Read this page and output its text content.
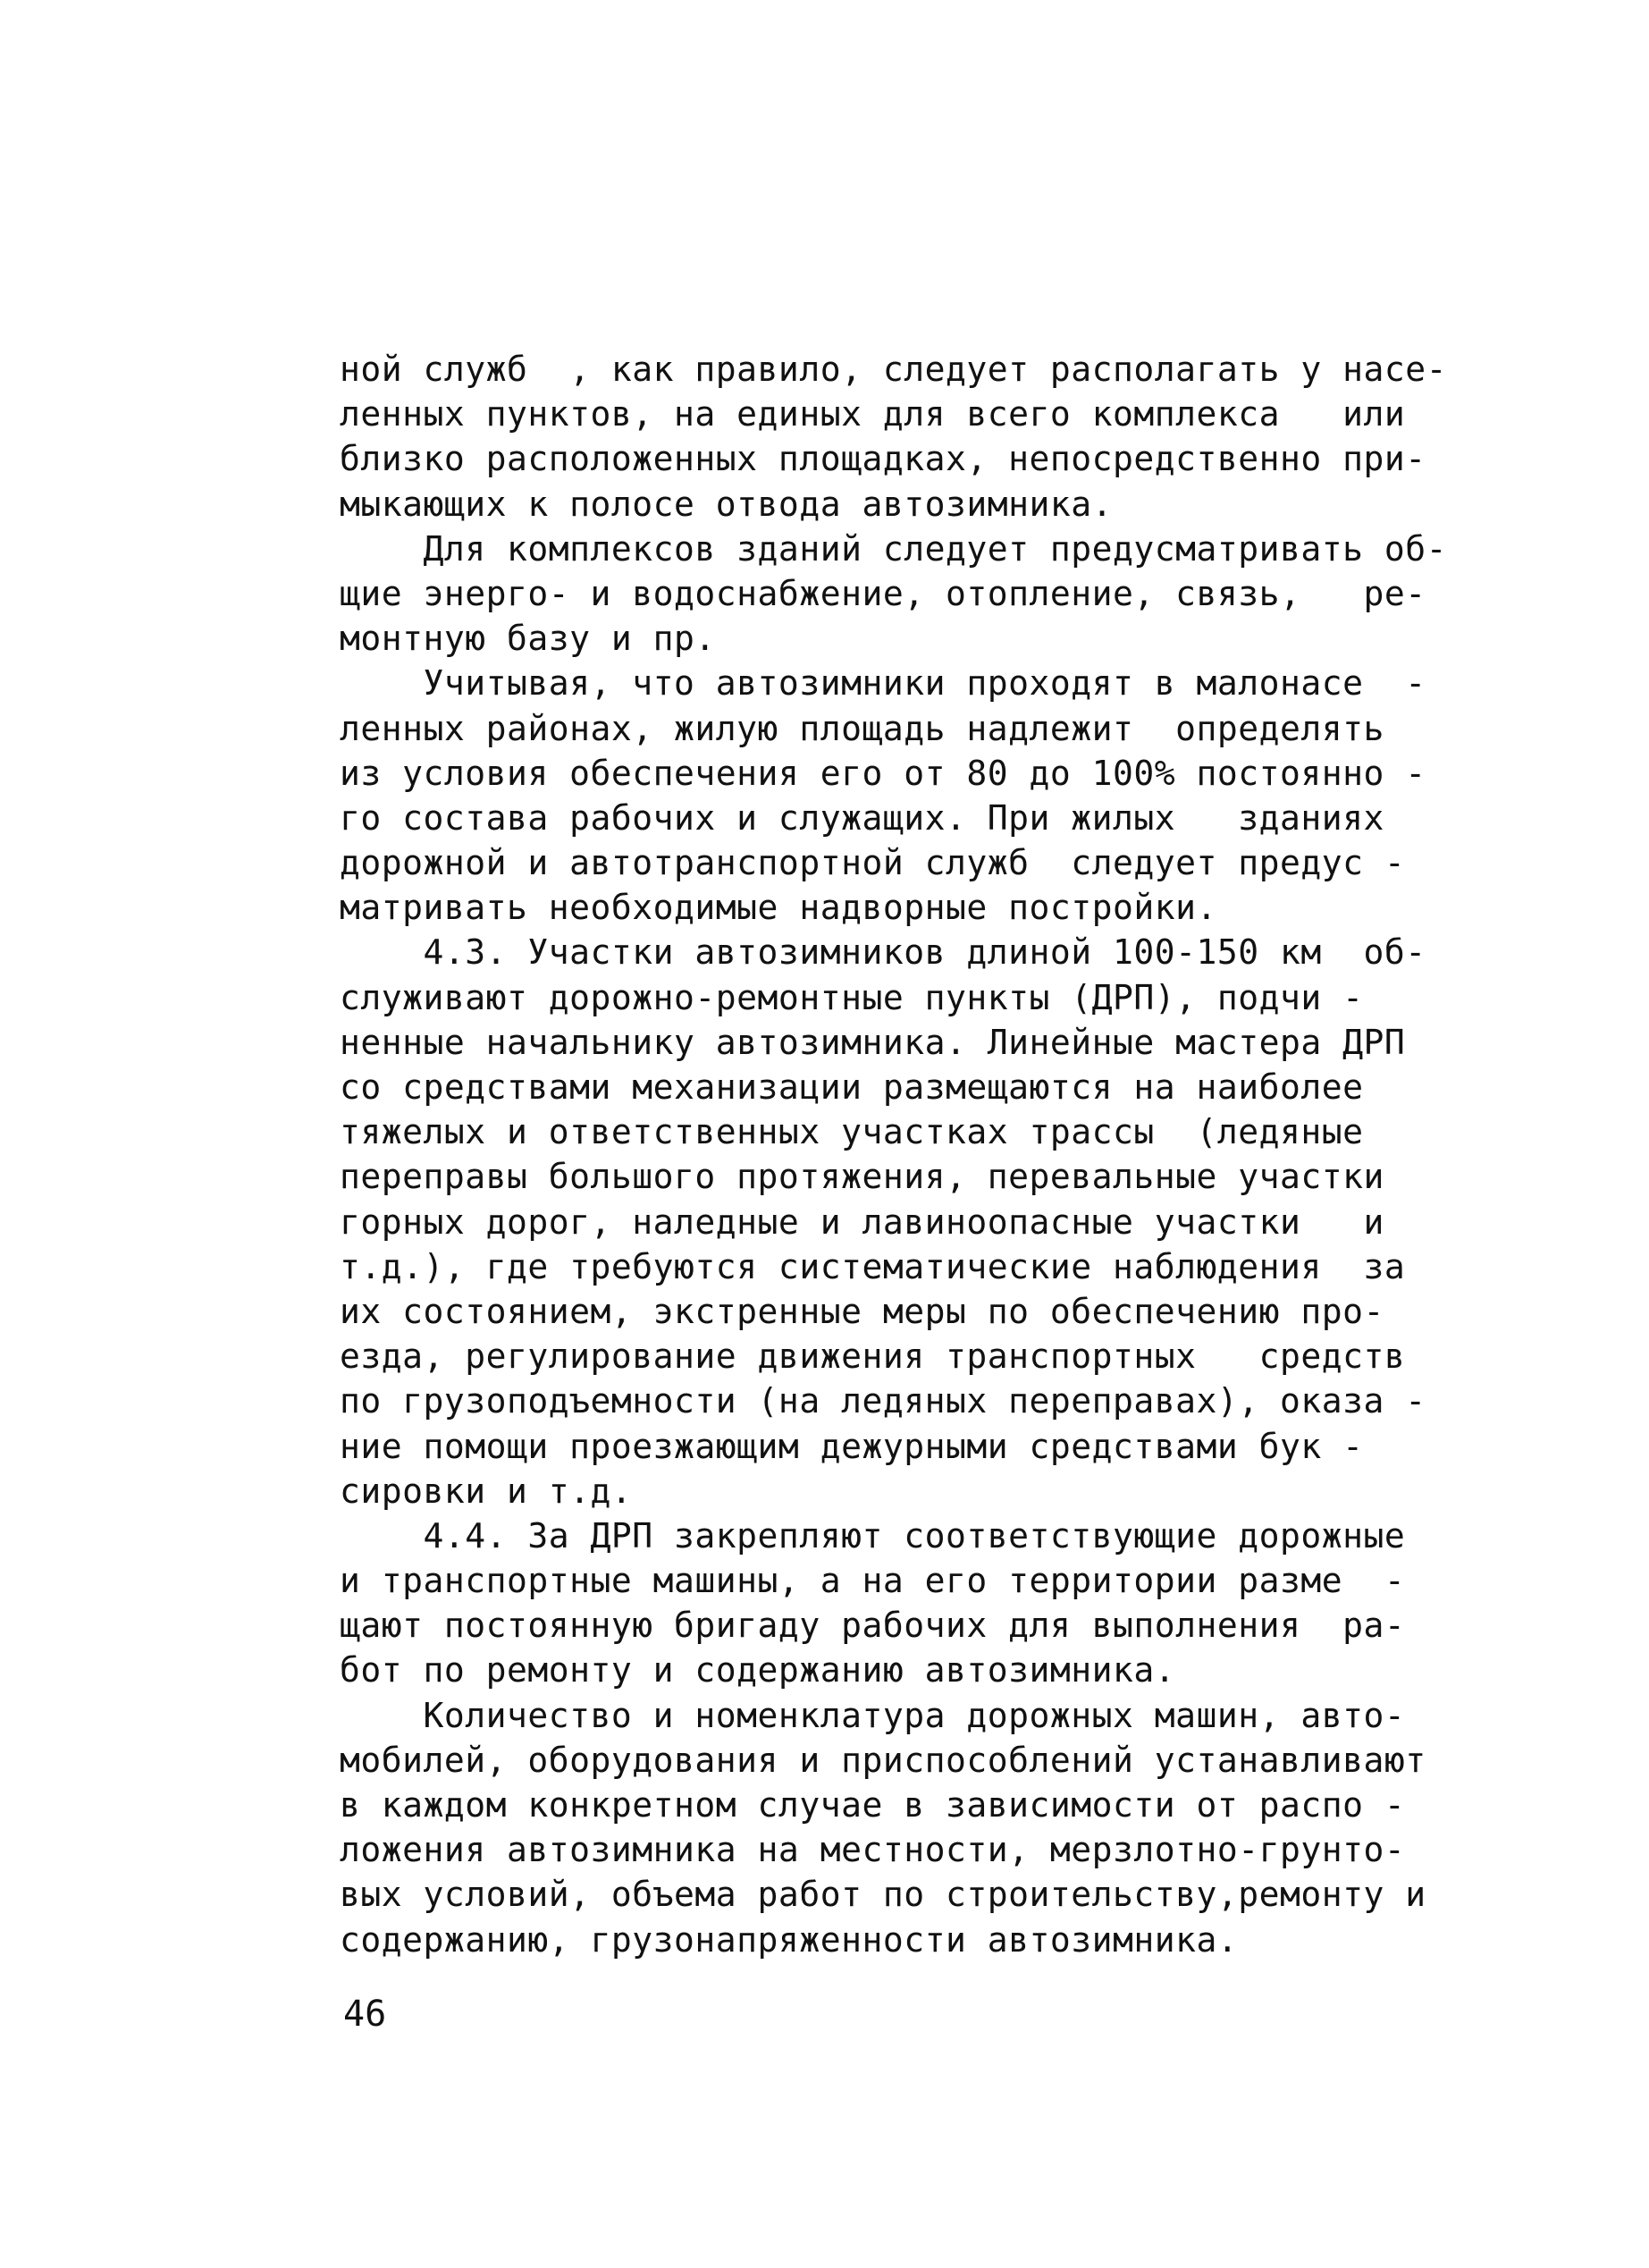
ной служб  , как правило, следует располагать у насе-
ленных пунктов, на единых для всего комплекса   или
близко расположенных площадках, непосредственно при-
мыкающих к полосе отвода автозимника.
Для комплексов зданий следует предусматривать об-
щие энерго- и водоснабжение, отопление, связь,   ре-
монтную базу и пр.
Учитывая, что автозимники проходят в малонасе  -
ленных районах, жилую площадь надлежит  определять
из условия обеспечения его от 80 до 100% постоянно -
го состава рабочих и служащих. При жилых   зданиях
дорожной и автотранспортной служб  следует предус -
матривать необходимые надворные постройки.
4.3. Участки автозимников длиной 100-150 км  об-
служивают дорожно-ремонтные пункты (ДРП), подчи -
ненные начальнику автозимника. Линейные мастера ДРП
со средствами механизации размещаются на наиболее
тяжелых и ответственных участках трассы  (ледяные
переправы большого протяжения, перевальные участки
горных дорог, наледные и лавиноопасные участки   и
т.д.), где требуются систематические наблюдения  за
их состоянием, экстренные меры по обеспечению про-
езда, регулирование движения транспортных   средств
по грузоподъемности (на ледяных переправах), оказа -
ние помощи проезжающим дежурными средствами бук -
сировки и т.д.
4.4. За ДРП закрепляют соответствующие дорожные
и транспортные машины, а на его территории разме  -
щают постоянную бригаду рабочих для выполнения  ра-
бот по ремонту и содержанию автозимника.
Количество и номенклатура дорожных машин, авто-
мобилей, оборудования и приспособлений устанавливают
в каждом конкретном случае в зависимости от распо -
ложения автозимника на местности, мерзлотно-грунто-
вых условий, объема работ по строительству,ремонту и
содержанию, грузонапряженности автозимника.
46
